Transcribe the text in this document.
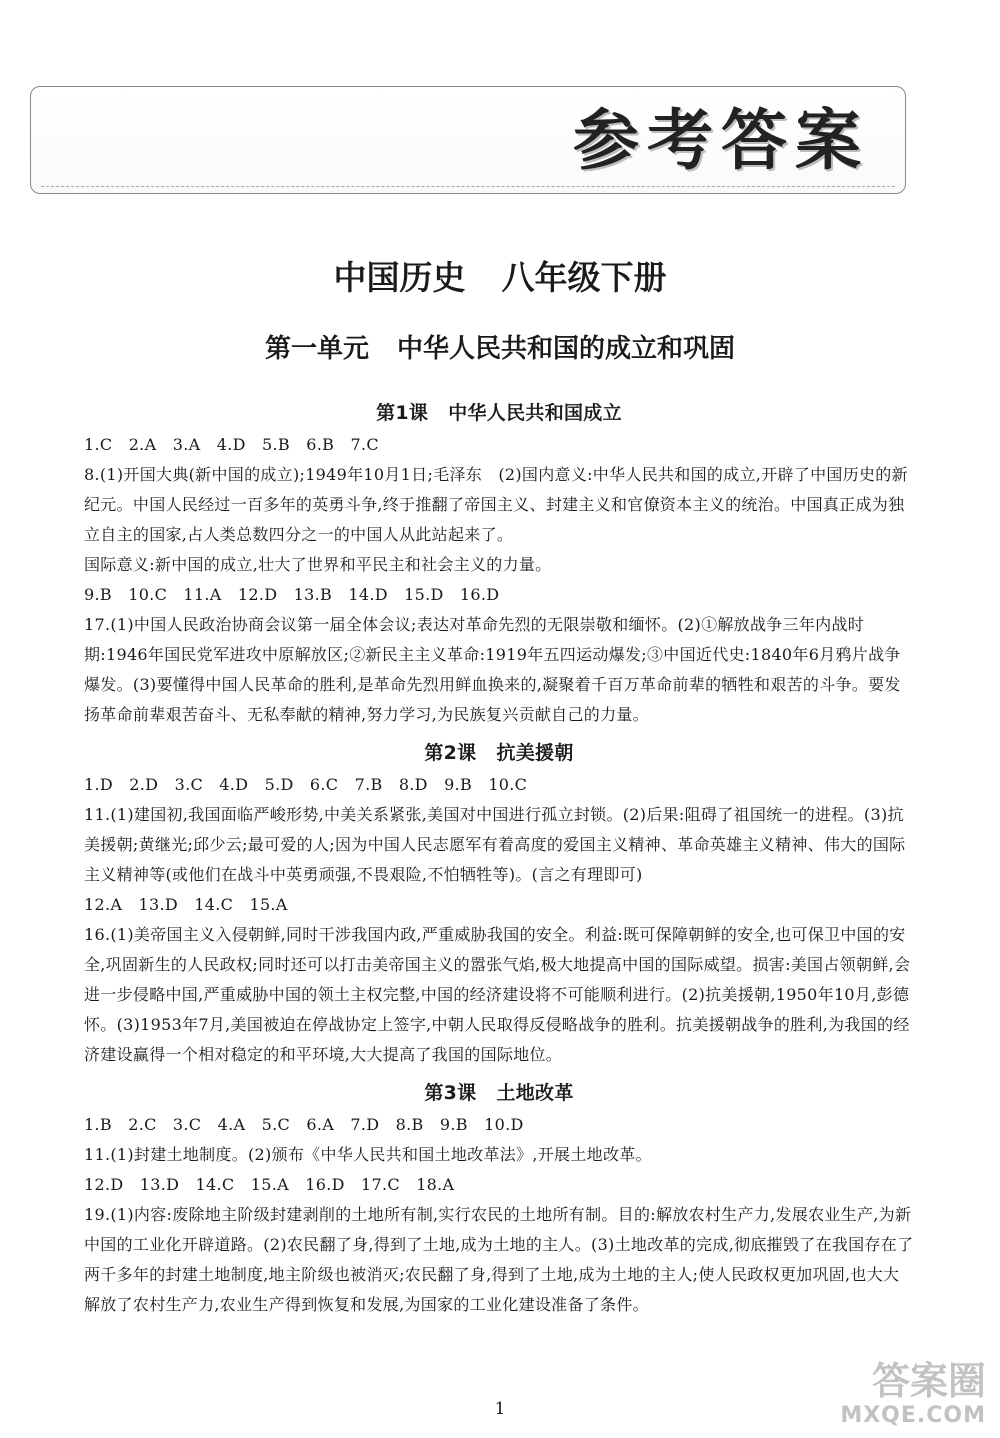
参考答案
中国历史 八年级下册
第一单元 中华人民共和国的成立和巩固
第1课 中华人民共和国成立

1.C　2.A　3.A　4.D　5.B　6.B　7.C

8.(1)开国大典(新中国的成立);1949年10月1日;毛泽东　(2)国内意义:中华人民共和国的成立,开辟了中国历史的新纪元。中国人民经过一百多年的英勇斗争,终于推翻了帝国主义、封建主义和官僚资本主义的统治。中国真正成为独立自主的国家,占人类总数四分之一的中国人从此站起来了。

国际意义:新中国的成立,壮大了世界和平民主和社会主义的力量。

9.B　10.C　11.A　12.D　13.B　14.D　15.D　16.D

17.(1)中国人民政治协商会议第一届全体会议;表达对革命先烈的无限崇敬和缅怀。(2)①解放战争三年内战时期:1946年国民党军进攻中原解放区;②新民主主义革命:1919年五四运动爆发;③中国近代史:1840年6月鸦片战争爆发。(3)要懂得中国人民革命的胜利,是革命先烈用鲜血换来的,凝聚着千百万革命前辈的牺牲和艰苦的斗争。要发扬革命前辈艰苦奋斗、无私奉献的精神,努力学习,为民族复兴贡献自己的力量。

第2课 抗美援朝

1.D　2.D　3.C　4.D　5.D　6.C　7.B　8.D　9.B　10.C

11.(1)建国初,我国面临严峻形势,中美关系紧张,美国对中国进行孤立封锁。(2)后果:阻碍了祖国统一的进程。(3)抗美援朝;黄继光;邱少云;最可爱的人;因为中国人民志愿军有着高度的爱国主义精神、革命英雄主义精神、伟大的国际主义精神等(或他们在战斗中英勇顽强,不畏艰险,不怕牺牲等)。(言之有理即可)

12.A　13.D　14.C　15.A

16.(1)美帝国主义入侵朝鲜,同时干涉我国内政,严重威胁我国的安全。利益:既可保障朝鲜的安全,也可保卫中国的安全,巩固新生的人民政权;同时还可以打击美帝国主义的嚣张气焰,极大地提高中国的国际威望。损害:美国占领朝鲜,会进一步侵略中国,严重威胁中国的领土主权完整,中国的经济建设将不可能顺利进行。(2)抗美援朝,1950年10月,彭德怀。(3)1953年7月,美国被迫在停战协定上签字,中朝人民取得反侵略战争的胜利。抗美援朝战争的胜利,为我国的经济建设赢得一个相对稳定的和平环境,大大提高了我国的国际地位。

第3课 土地改革

1.B　2.C　3.C　4.A　5.C　6.A　7.D　8.B　9.B　10.D

11.(1)封建土地制度。(2)颁布《中华人民共和国土地改革法》,开展土地改革。

12.D　13.D　14.C　15.A　16.D　17.C　18.A

19.(1)内容:废除地主阶级封建剥削的土地所有制,实行农民的土地所有制。目的:解放农村生产力,发展农业生产,为新中国的工业化开辟道路。(2)农民翻了身,得到了土地,成为土地的主人。(3)土地改革的完成,彻底摧毁了在我国存在了两千多年的封建土地制度,地主阶级也被消灭;农民翻了身,得到了土地,成为土地的主人;使人民政权更加巩固,也大大解放了农村生产力,农业生产得到恢复和发展,为国家的工业化建设准备了条件。

1
答案圈
MXQE.COM
